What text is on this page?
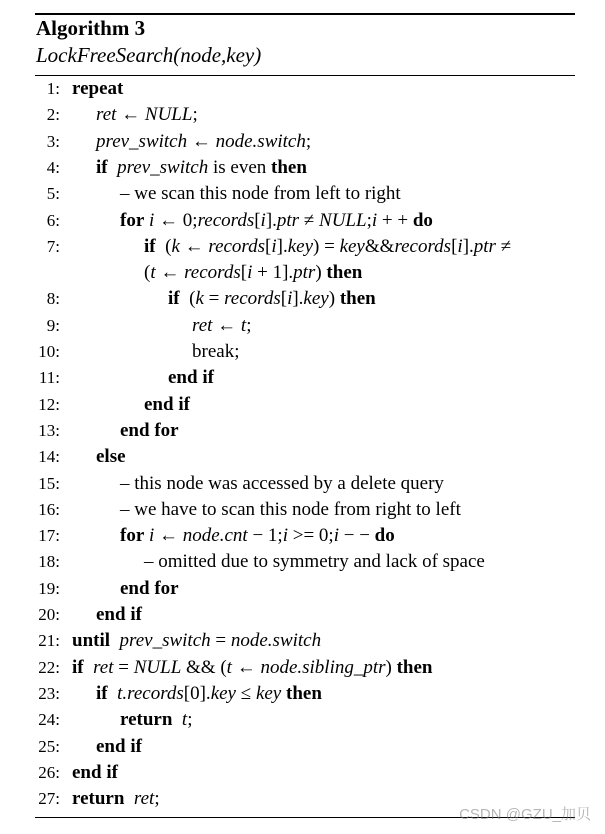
Algorithm 3
LockFreeSearch(node,key)
1: repeat
2: ret ← NULL;
3: prev_switch ← node.switch;
4: if prev_switch is even then
5:	– we scan this node from left to right
6:	for i ← 0;records[i].ptr ≠ NULL;i + + do
7:	if  (k ← records[i].key) = key&&records[i].ptr ≠
(t ← records[i + 1].ptr) then
8:	if  (k = records[i].key) then
9:	ret ← t;
10:	break;
11:	end if
12:	end if
13:	end for
14: else
15:	– this node was accessed by a delete query
16:	– we have to scan this node from right to left
17:	for i ← node.cnt − 1;i >= 0;i − − do
18:	– omitted due to symmetry and lack of space
19:	end for
20: end if
21: until prev_switch = node.switch
22: if ret = NULL && (t ← node.sibling_ptr) then
23: if t.records[0].key ≤ key then
24:	return t;
25: end if
26: end if
27: return ret;
CSDN @GZU_加贝
